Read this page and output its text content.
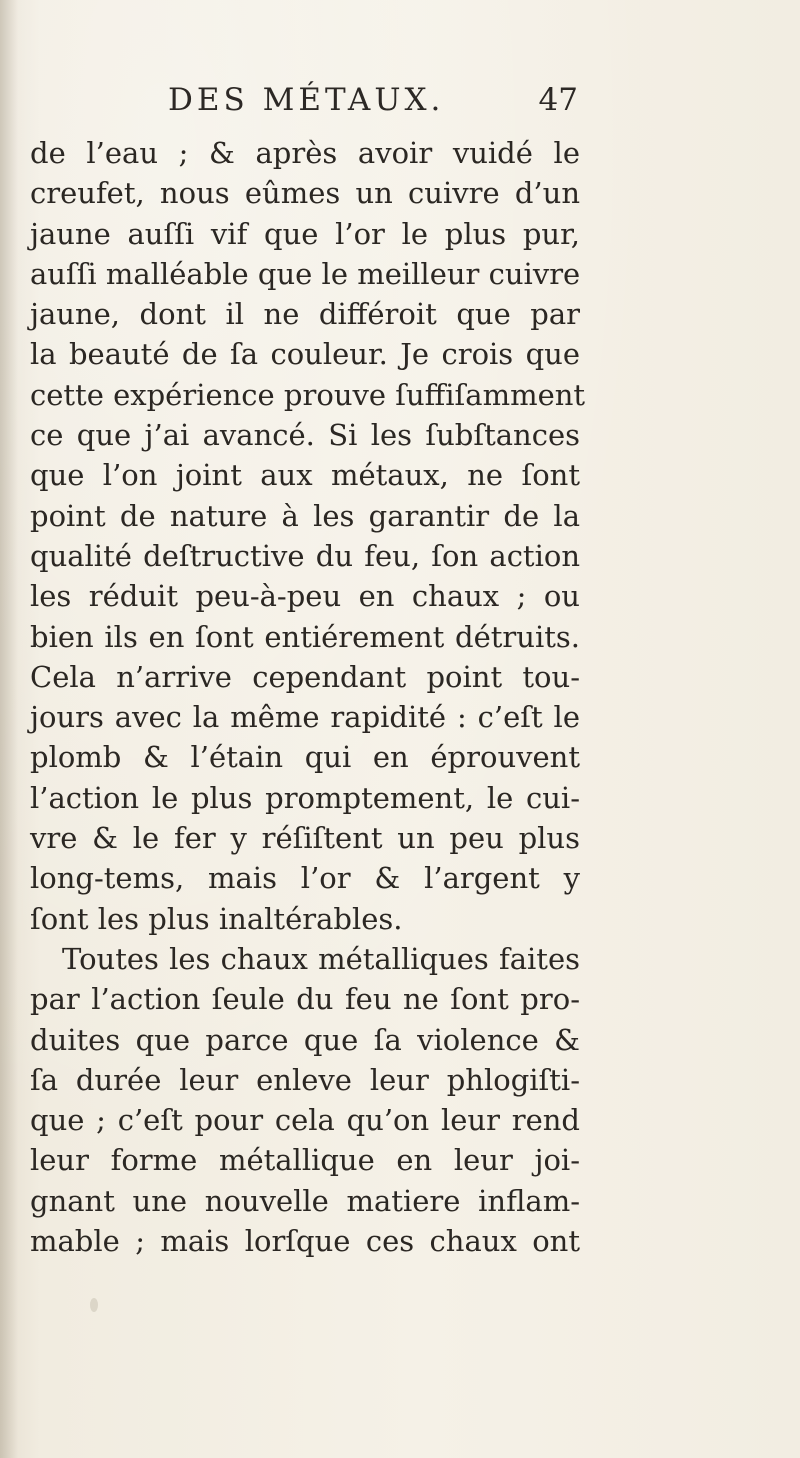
DES MÉTAUX.	47
de l’eau ; & après avoir vuidé le
creufet, nous eûmes un cuivre d’un
jaune auſſi vif que l’or le plus pur,
auſſi malléable que le meilleur cuivre
jaune, dont il ne différoit que par
la beauté de ſa couleur. Je crois que
cette expérience prouve ſuffiſamment
ce que j’ai avancé. Si les ſubſtances
que l’on joint aux métaux, ne ſont
point de nature à les garantir de la
qualité deſtructive du feu, ſon action
les réduit peu-à-peu en chaux ; ou
bien ils en ſont entiérement détruits.
Cela n’arrive cependant point tou-
jours avec la même rapidité : c’eſt le
plomb & l’étain qui en éprouvent
l’action le plus promptement, le cui-
vre & le fer y réſiſtent un peu plus
long-tems, mais l’or & l’argent y
ſont les plus inaltérables.
Toutes les chaux métalliques faites
par l’action ſeule du feu ne ſont pro-
duites que parce que ſa violence &
ſa durée leur enleve leur phlogiſti-
que ; c’eſt pour cela qu’on leur rend
leur forme métallique en leur joi-
gnant une nouvelle matiere inflam-
mable ; mais lorſque ces chaux ont
